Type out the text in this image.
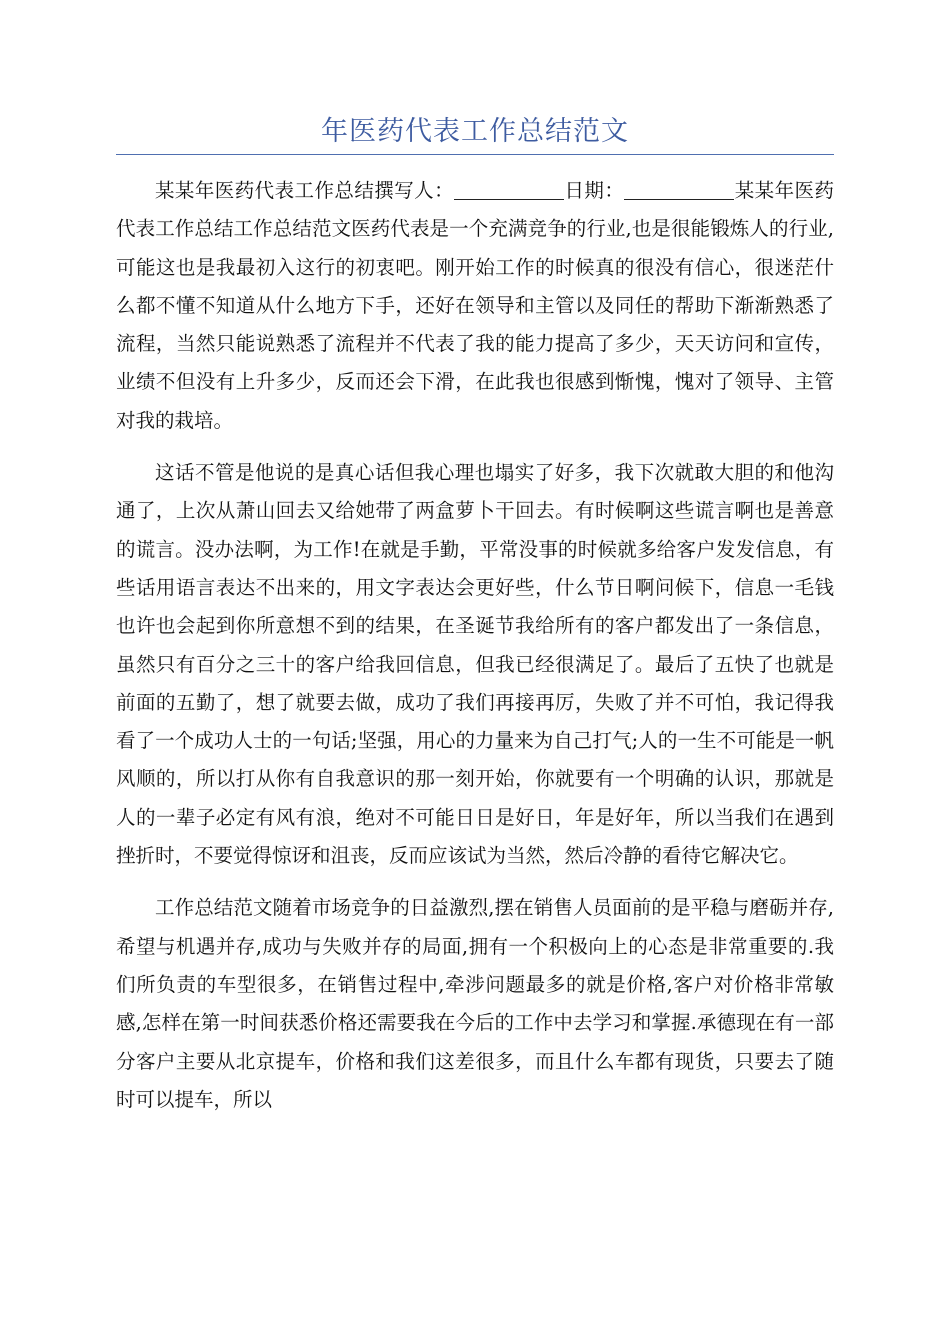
年医药代表工作总结范文

某某年医药代表工作总结撰写人：	日期：	某某年医药代表工作总结工作总结范文医药代表是一个充满竞争的行业,也是很能锻炼人的行业,可能这也是我最初入这行的初衷吧。刚开始工作的时候真的很没有信心，很迷茫什么都不懂不知道从什么地方下手，还好在领导和主管以及同任的帮助下渐渐熟悉了流程，当然只能说熟悉了流程并不代表了我的能力提高了多少，天天访问和宣传，业绩不但没有上升多少，反而还会下滑，在此我也很感到惭愧，愧对了领导、主管对我的栽培。

这话不管是他说的是真心话但我心理也塌实了好多，我下次就敢大胆的和他沟通了，上次从萧山回去又给她带了两盒萝卜干回去。有时候啊这些谎言啊也是善意的谎言。没办法啊，为工作!在就是手勤，平常没事的时候就多给客户发发信息，有些话用语言表达不出来的，用文字表达会更好些，什么节日啊问候下，信息一毛钱也许也会起到你所意想不到的结果，在圣诞节我给所有的客户都发出了一条信息，虽然只有百分之三十的客户给我回信息，但我已经很满足了。最后了五快了也就是前面的五勤了，想了就要去做，成功了我们再接再厉，失败了并不可怕，我记得我看了一个成功人士的一句话;坚强，用心的力量来为自己打气;人的一生不可能是一帆风顺的，所以打从你有自我意识的那一刻开始，你就要有一个明确的认识，那就是人的一辈子必定有风有浪，绝对不可能日日是好日，年是好年，所以当我们在遇到挫折时，不要觉得惊讶和沮丧，反而应该试为当然，然后冷静的看待它解决它。

工作总结范文随着市场竞争的日益激烈,摆在销售人员面前的是平稳与磨砺并存,希望与机遇并存,成功与失败并存的局面,拥有一个积极向上的心态是非常重要的.我们所负责的车型很多，在销售过程中,牵涉问题最多的就是价格,客户对价格非常敏感,怎样在第一时间获悉价格还需要我在今后的工作中去学习和掌握.承德现在有一部分客户主要从北京提车，价格和我们这差很多，而且什么车都有现货，只要去了随时可以提车，所以
